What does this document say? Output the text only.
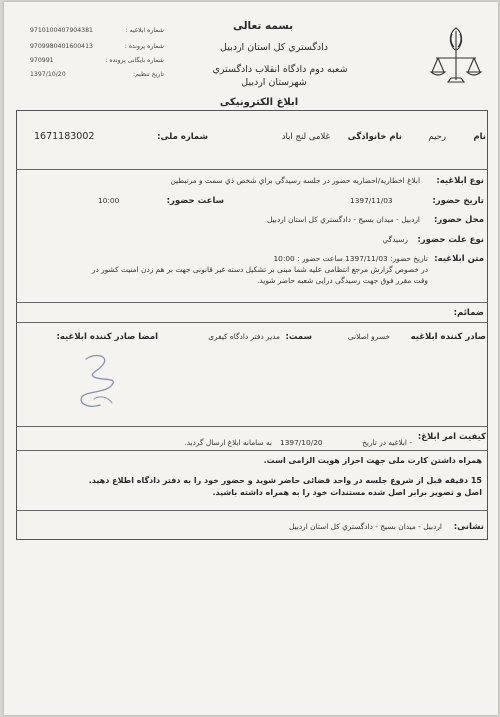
بسمه تعالی
دادگستري كل استان اردبيل
شعبه دوم دادگاه انقلاب دادگستري
شهرستان اردبيل
9710100407904381	شماره ابلاغيه :
9709980401600413	شماره پرونده :
970991	شماره بايگانی پرونده :
1397/10/20	تاريخ تنظيم:
ابلاغ الكترونيكی
نام
رحيم
نام خانوادگی
غلامی لنج اباد
شماره ملی:
1671183002
نوع ابلاغيه:
ابلاغ اخطاريه/احضاريه حضور در جلسه رسيدگي براي شخص ذي سمت و مرتبطين
تاريخ حضور:
1397/11/03
ساعت حضور:
10:00
محل حضور:
اردبيل - ميدان بسيج - دادگستري كل استان اردبيل
نوع علت حضور:
رسيدگي
متن ابلاغيه:
تاريخ حضور: 1397/11/03 ساعت حضور : 10:00
در خصوص گزارش مرجع انتظامی عليه شما مبنی بر تشكيل دسته غير قانونی جهت بر هم زدن امنيت كشور در
وقت مقرر فوق جهت رسيدگی درايی شعبه حاضر شويد.
ضمائم:
صادر كننده ابلاغيه
خسرو اصلانی
سمت:
مدير دفتر دادگاه كيفری
امضا صادر كننده ابلاغيه:
كيفيت امر ابلاغ:
- ابلاغيه در تاريخ
1397/10/20
به سامانه ابلاغ ارسال گرديد.
همراه داشتن كارت ملی جهت احراز هويت الزامی است.
15 دقيقه قبل از شروع جلسه در واحد قضائی حاضر شويد و حضور خود را به دفتر دادگاه اطلاع دهيد.
اصل و تصوير برابر اصل شده مستندات خود را به همراه داشته باشيد.
نشانی:
اردبيل - ميدان بسيج - دادگستري كل استان اردبيل
